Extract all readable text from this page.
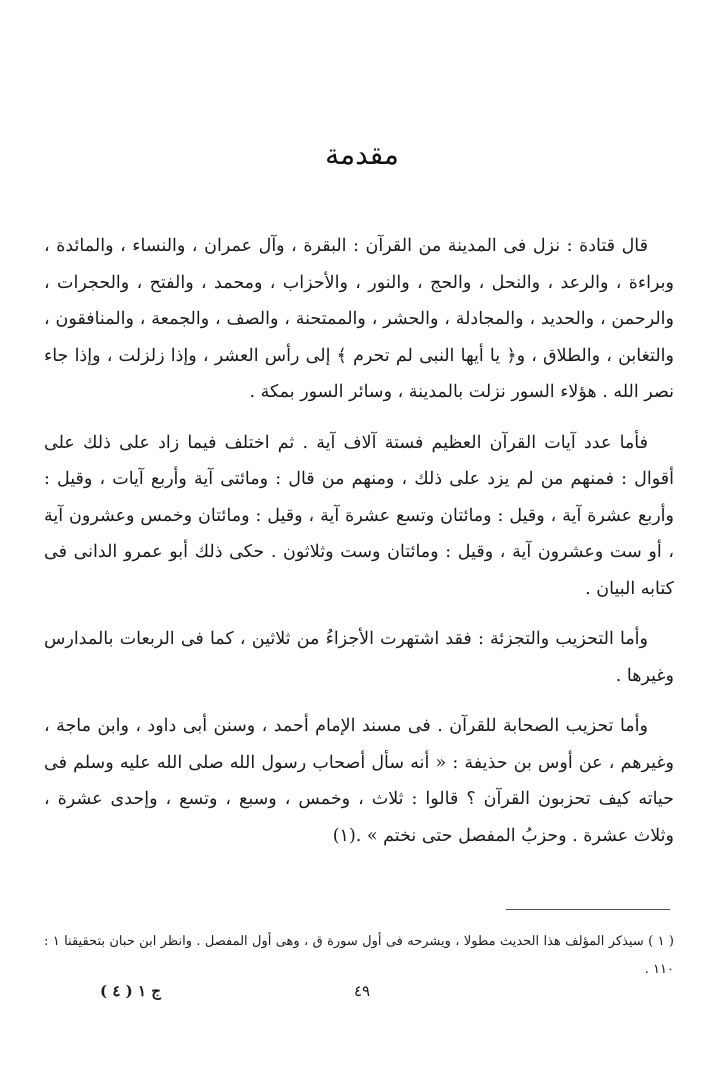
مقدمة

قال قتادة : نزل فى المدينة من القرآن : البقرة ، وآل عمران ، والنساء ، والمائدة ، وبراءة ، والرعد ، والنحل ، والحج ، والنور ، والأحزاب ، ومحمد ، والفتح ، والحجرات ، والرحمن ، والحديد ، والمجادلة ، والحشر ، والممتحنة ، والصف ، والجمعة ، والمنافقون ، والتغابن ، والطلاق ، و﴿ يا أيها النبى لم تحرم ﴾ إلى رأس العشر ، وإذا زلزلت ، وإذا جاء نصر الله . هؤلاء السور نزلت بالمدينة ، وسائر السور بمكة .

فأما عدد آيات القرآن العظيم فستة آلاف آية . ثم اختلف فيما زاد على ذلك على أقوال : فمنهم من لم يزد على ذلك ، ومنهم من قال : ومائتى آية وأربع آيات ، وقيل : وأربع عشرة آية ، وقيل : ومائتان وتسع عشرة آية ، وقيل : ومائتان وخمس وعشرون آية ، أو ست وعشرون آية ، وقيل : ومائتان وست وثلاثون . حكى ذلك أبو عمرو الدانى فى كتابه البيان .

وأما التحزيب والتجزئة : فقد اشتهرت الأجزاءُ من ثلاثين ، كما فى الربعات بالمدارس وغيرها .

وأما تحزيب الصحابة للقرآن . فى مسند الإمام أحمد ، وسنن أبى داود ، وابن ماجة ، وغيرهم ، عن أوس بن حذيفة : « أنه سأل أصحاب رسول الله صلى الله عليه وسلم فى حياته كيف تحزبون القرآن ؟ قالوا : ثلاث ، وخمس ، وسبع ، وتسع ، وإحدى عشرة ، وثلاث عشرة . وحزبُ المفصل حتى نختم » .(١)

( ١ ) سيذكر المؤلف هذا الحديث مطولا ، ويشرحه فى أول سورة ق ، وهى أول المفصل . وانظر ابن حبان بتحقيقنا ١ : ١١٠ .

٤٩
( ٤ ) ج ١
